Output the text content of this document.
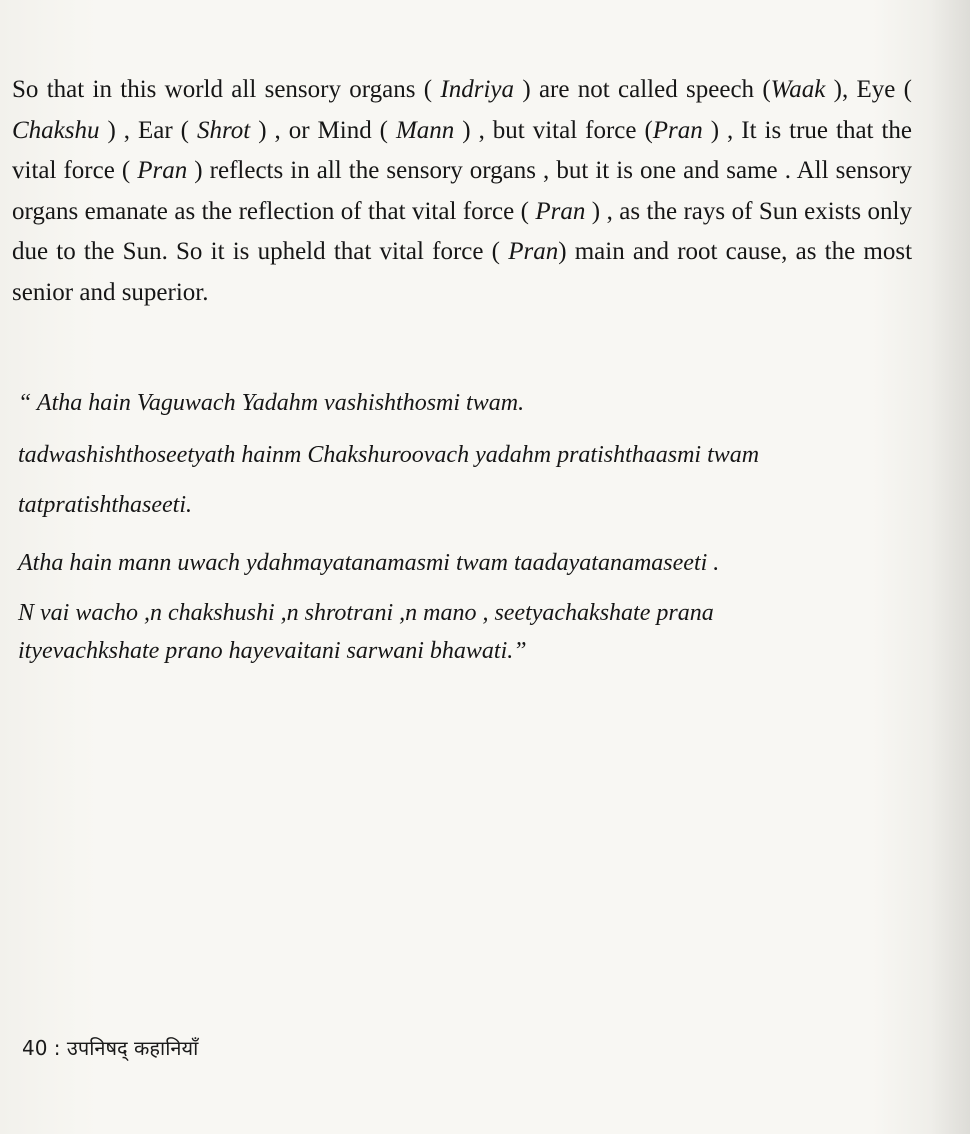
So that in this world all sensory organs ( Indriya ) are not called speech (Waak ), Eye ( Chakshu ) , Ear ( Shrot ) , or Mind ( Mann ) , but vital force (Pran ) , It is true that the vital force ( Pran ) reflects in all the sensory organs , but it is one and same . All sensory organs emanate as the reflection of that vital force ( Pran ) , as the rays of Sun exists only due to the Sun. So it is upheld that vital force ( Pran) main and root cause, as the most senior and superior.

“ Atha hain Vaguwach Yadahm vashishthosmi twam.

tadwashishthoseetyath hainm Chakshuroovach yadahm pratishthaasmi twam

tatpratishthaseeti.

Atha hain mann uwach ydahmayatanamasmi twam taadayatanamaseeti .

N vai wacho ,n chakshushi ,n shrotrani ,n mano , seetyachakshate prana

ityevachkshate prano hayevaitani sarwani bhawati.”

40 : उपनिषद् कहानियाँ
